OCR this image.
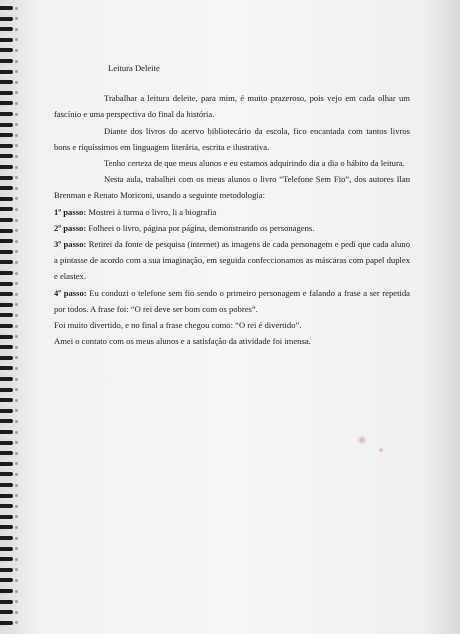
Leitura Deleite

Trabalhar a leitura deleite, para mim, é muito prazeroso, pois vejo em cada olhar um fascínio e uma perspectiva do final da história.

Diante dos livros do acervo bibliotecário da escola, fico encantada com tantos livros bons e riquíssimos em linguagem literária, escrita e ilustrativa.

Tenho certeza de que meus alunos e eu estamos adquirindo dia a dia o hábito da leitura.

Nesta aula, trabalhei com os meus alunos o livro “Telefone Sem Fio”, dos autores Ilan Brenman e Renato Moriconi, usando a seguinte metodologia:

1º passo: Mostrei à turma o livro, li a biografia

2º passo: Folheei o livro, página por página, demonstrando os personagens.

3º passo: Retirei da fonte de pesquisa (internet) as imagens de cada personagem e pedi que cada aluno a pintasse de acordo com a sua imaginação, em seguida confeccionamos as máscaras com papel duplex e elastex.

4º passo: Eu conduzi o telefone sem fio sendo o primeiro personagem e falando a frase a ser repetida por todos. A frase foi: “O rei deve ser bom com os pobres”.

Foi muito divertido, e no final a frase chegou como: “O rei é divertido”.

Amei o contato com os meus alunos e a satisfação da atividade foi imensa.
